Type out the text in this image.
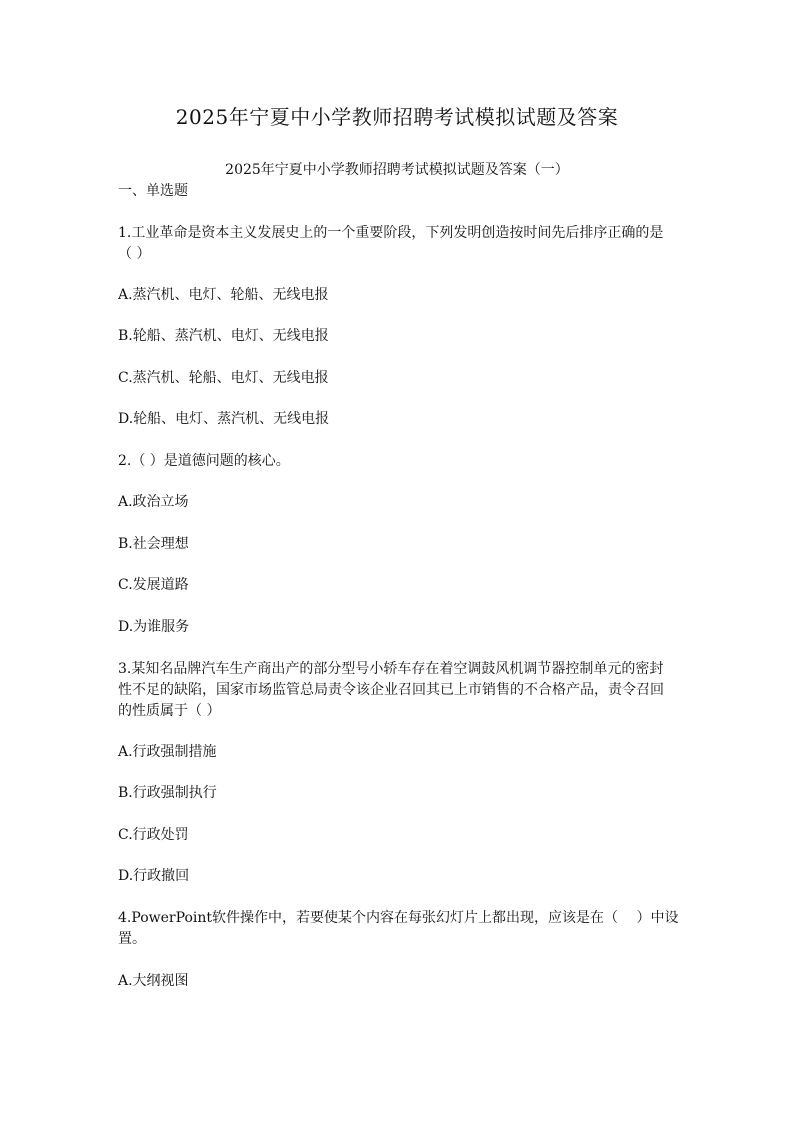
2025年宁夏中小学教师招聘考试模拟试题及答案
2025年宁夏中小学教师招聘考试模拟试题及答案（一）
一、单选题
1.工业革命是资本主义发展史上的一个重要阶段，下列发明创造按时间先后排序正确的是
（ ）
A.蒸汽机、电灯、轮船、无线电报
B.轮船、蒸汽机、电灯、无线电报
C.蒸汽机、轮船、电灯、无线电报
D.轮船、电灯、蒸汽机、无线电报
2.（ ）是道德问题的核心。
A.政治立场
B.社会理想
C.发展道路
D.为谁服务
3.某知名品牌汽车生产商出产的部分型号小轿车存在着空调鼓风机调节器控制单元的密封
性不足的缺陷，国家市场监管总局责令该企业召回其已上市销售的不合格产品，责令召回
的性质属于（ ）
A.行政强制措施
B.行政强制执行
C.行政处罚
D.行政撤回
4.PowerPoint软件操作中，若要使某个内容在每张幻灯片上都出现，应该是在（　 ）中设
置。
A.大纲视图
